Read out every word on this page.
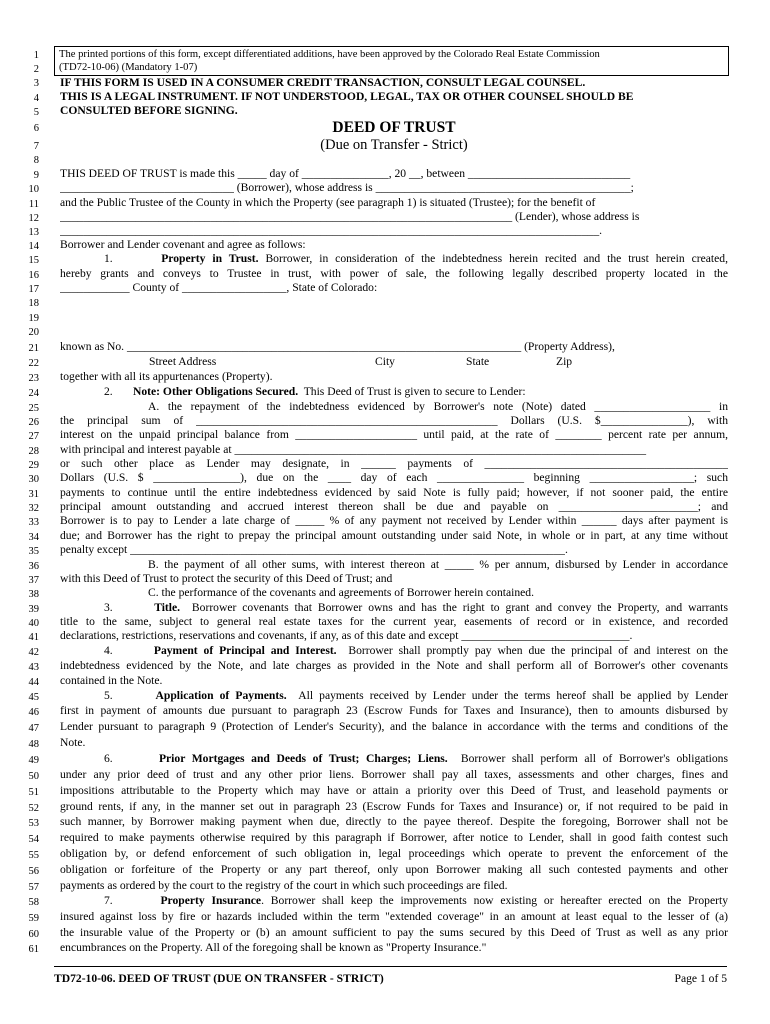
1
2
3
4
5
6
7
8
9
10
11
12
13
14
15
16
17
18
19
20
21
22
23
24
25
26
27
28
29
30
31
32
33
34
35
36
37
38
39
40
41
42
43
44
45
46
47
48
49
50
51
52
53
54
55
56
57
58
59
60
61
The printed portions of this form, except differentiated additions, have been approved by the Colorado Real Estate Commission
(TD72-10-06) (Mandatory 1-07)
IF THIS FORM IS USED IN A CONSUMER CREDIT TRANSACTION, CONSULT LEGAL COUNSEL.
THIS IS A LEGAL INSTRUMENT. IF NOT UNDERSTOOD, LEGAL, TAX OR OTHER COUNSEL SHOULD BE
CONSULTED BEFORE SIGNING.
DEED OF TRUST
(Due on Transfer - Strict)
THIS DEED OF TRUST is made this _____ day of _______________, 20 __, between ____________________________
______________________________ (Borrower), whose address is ____________________________________________;
and the Public Trustee of the County in which the Property (see paragraph 1) is situated (Trustee); for the benefit of
______________________________________________________________________________ (Lender), whose address is
_____________________________________________________________________________________________.
Borrower and Lender covenant and agree as follows:
1.	Property in Trust. Borrower, in consideration of the indebtedness herein recited and the trust herein created,
hereby grants and conveys to Trustee in trust, with power of sale, the following legally described property located in the
____________ County of __________________, State of Colorado:
known as No. ____________________________________________________________________ (Property Address),
Street Address	City	State	Zip
together with all its appurtenances (Property).
2. Note: Other Obligations Secured. This Deed of Trust is given to secure to Lender:
A. the repayment of the indebtedness evidenced by Borrower's note (Note) dated ____________________ in
the principal sum of ____________________________________________________ Dollars (U.S. $_______________), with
interest on the unpaid principal balance from _____________________ until paid, at the rate of ________ percent rate per annum,
with principal and interest payable at _______________________________________________________________________
or such other place as Lender may designate, in ______ payments of __________________________________________
Dollars (U.S. $ _______________), due on the ____ day of each _______________ beginning __________________; such
payments to continue until the entire indebtedness evidenced by said Note is fully paid; however, if not sooner paid, the entire
principal amount outstanding and accrued interest thereon shall be due and payable on ________________________; and
Borrower is to pay to Lender a late charge of _____ % of any payment not received by Lender within ______ days after payment is
due; and Borrower has the right to prepay the principal amount outstanding under said Note, in whole or in part, at any time without
penalty except ___________________________________________________________________________.
B. the payment of all other sums, with interest thereon at _____ % per annum, disbursed by Lender in accordance
with this Deed of Trust to protect the security of this Deed of Trust; and
C. the performance of the covenants and agreements of Borrower herein contained.
3.	Title. Borrower covenants that Borrower owns and has the right to grant and convey the Property, and warrants
title to the same, subject to general real estate taxes for the current year, easements of record or in existence, and recorded
declarations, restrictions, reservations and covenants, if any, as of this date and except _____________________________.
4.	Payment of Principal and Interest. Borrower shall promptly pay when due the principal of and interest on the
indebtedness evidenced by the Note, and late charges as provided in the Note and shall perform all of Borrower's other covenants
contained in the Note.
5.	Application of Payments. All payments received by Lender under the terms hereof shall be applied by Lender
first in payment of amounts due pursuant to paragraph 23 (Escrow Funds for Taxes and Insurance), then to amounts disbursed by
Lender pursuant to paragraph 9 (Protection of Lender's Security), and the balance in accordance with the terms and conditions of the
Note.
6.	Prior Mortgages and Deeds of Trust; Charges; Liens. Borrower shall perform all of Borrower's obligations
under any prior deed of trust and any other prior liens. Borrower shall pay all taxes, assessments and other charges, fines and
impositions attributable to the Property which may have or attain a priority over this Deed of Trust, and leasehold payments or
ground rents, if any, in the manner set out in paragraph 23 (Escrow Funds for Taxes and Insurance) or, if not required to be paid in
such manner, by Borrower making payment when due, directly to the payee thereof. Despite the foregoing, Borrower shall not be
required to make payments otherwise required by this paragraph if Borrower, after notice to Lender, shall in good faith contest such
obligation by, or defend enforcement of such obligation in, legal proceedings which operate to prevent the enforcement of the
obligation or forfeiture of the Property or any part thereof, only upon Borrower making all such contested payments and other
payments as ordered by the court to the registry of the court in which such proceedings are filed.
7.	Property Insurance. Borrower shall keep the improvements now existing or hereafter erected on the Property
insured against loss by fire or hazards included within the term "extended coverage" in an amount at least equal to the lesser of (a)
the insurable value of the Property or (b) an amount sufficient to pay the sums secured by this Deed of Trust as well as any prior
encumbrances on the Property. All of the foregoing shall be known as "Property Insurance."
TD72-10-06. DEED OF TRUST (DUE ON TRANSFER - STRICT)	Page 1 of 5
